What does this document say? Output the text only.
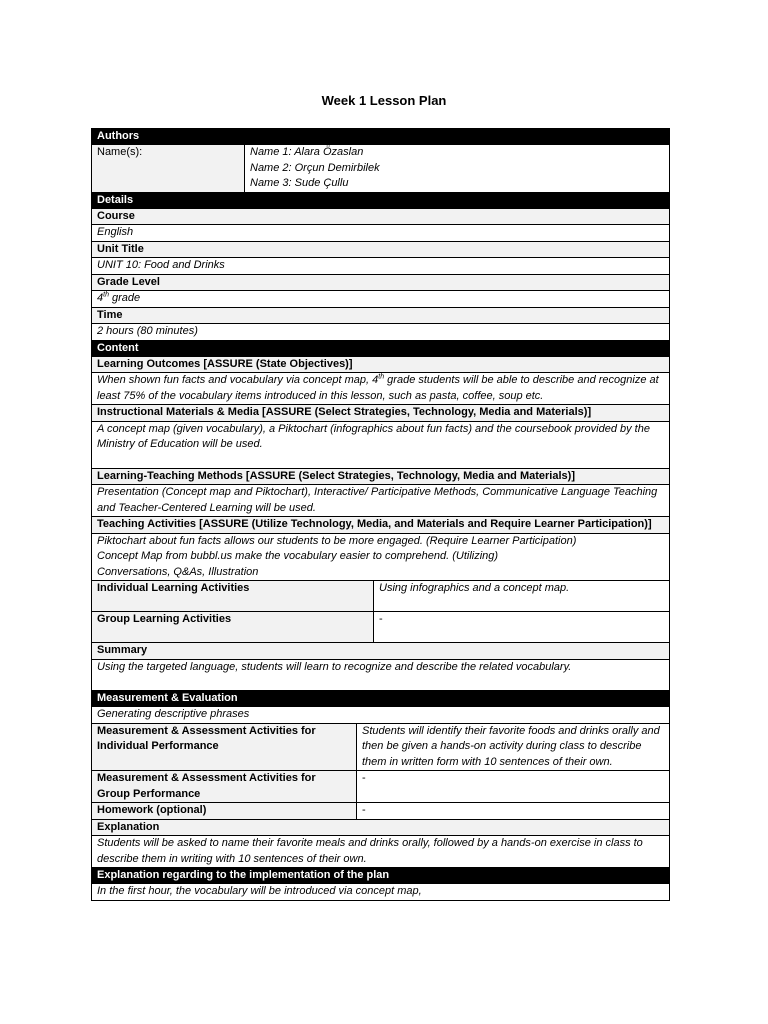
Week 1 Lesson Plan
Authors			
Name(s):	Name 1: Alara Özaslan
Name 2: Orçun Demirbilek
Name 3: Sude Çullu		

Details			
Course			
English			
Unit Title			
UNIT 10: Food and Drinks			
Grade Level			
4th grade			
Time			
2 hours (80 minutes)			
Content			
Learning Outcomes [ASSURE (State Objectives)]			
When shown fun facts and vocabulary via concept map, 4th grade students will be able to describe and recognize at least 75% of the vocabulary items introduced in this lesson, such as pasta, coffee, soup etc.			
Instructional Materials & Media [ASSURE (Select Strategies, Technology, Media and Materials)]			
A concept map (given vocabulary), a Piktochart (infographics about fun facts) and the coursebook provided by the Ministry of Education will be used.			

Learning-Teaching Methods [ASSURE (Select Strategies, Technology, Media and Materials)]			
Presentation (Concept map and Piktochart), Interactive/ Participative Methods, Communicative Language Teaching and Teacher-Centered Learning will be used.			
Teaching Activities [ASSURE (Utilize Technology, Media, and Materials and Require Learner Participation)]			

Piktochart about fun facts allows our students to be more engaged. (Require Learner Participation)
Concept Map from bubbl.us make the vocabulary easier to comprehend. (Utilizing)
Conversations, Q&As, Illustration			

Individual Learning Activities			Using infographics and a concept map.
Group Learning Activities			-
Summary			
Using the targeted language, students will learn to recognize and describe the related vocabulary.			

Measurement & Evaluation			
Generating descriptive phrases			
Measurement & Assessment Activities for Individual Performance		Students will identify their favorite foods and drinks orally and then be given a hands-on activity during class to describe them in written form with 10 sentences of their own.	
Measurement & Assessment Activities for Group Performance		-	
Homework (optional)		-	
Explanation			
Students will be asked to name their favorite meals and drinks orally, followed by a hands-on exercise in class to describe them in writing with 10 sentences of their own.			
Explanation regarding to the implementation of the plan			
In the first hour, the vocabulary will be introduced via concept map,			
